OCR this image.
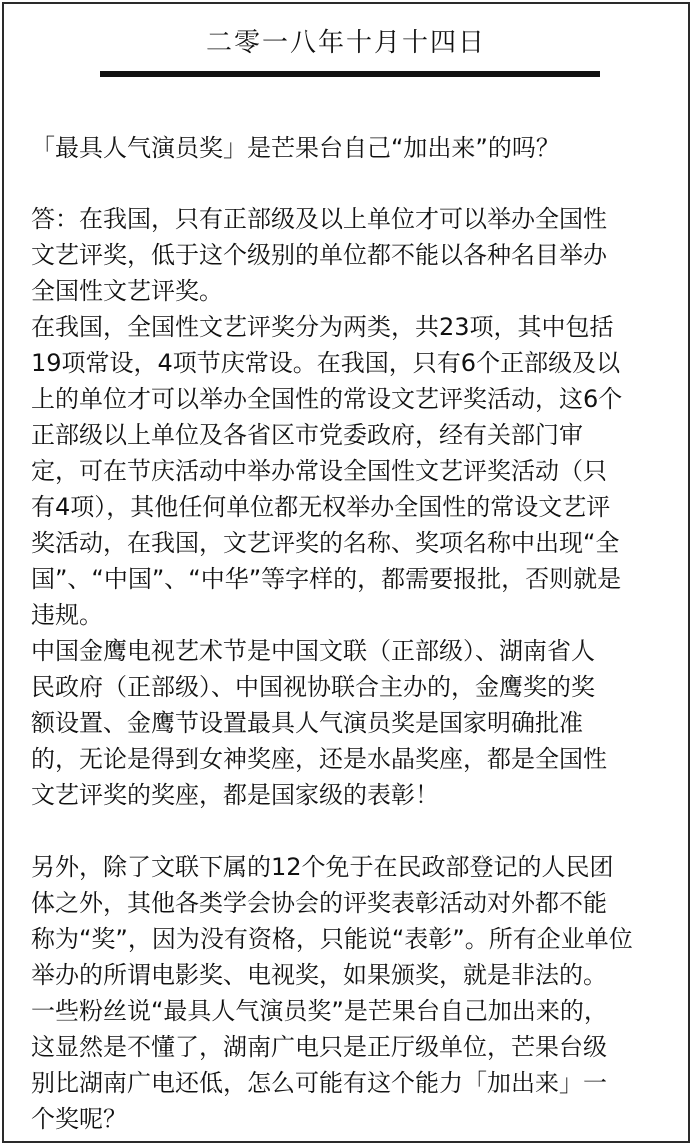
二零一八年十月十四日

「最具人气演员奖」是芒果台自己“加出来”的吗？

答：在我国，只有正部级及以上单位才可以举办全国性
文艺评奖，低于这个级别的单位都不能以各种名目举办
全国性文艺评奖。
在我国，全国性文艺评奖分为两类，共23项，其中包括
19项常设，4项节庆常设。在我国，只有6个正部级及以
上的单位才可以举办全国性的常设文艺评奖活动，这6个
正部级以上单位及各省区市党委政府，经有关部门审
定，可在节庆活动中举办常设全国性文艺评奖活动（只
有4项），其他任何单位都无权举办全国性的常设文艺评
奖活动，在我国，文艺评奖的名称、奖项名称中出现“全
国”、“中国”、“中华”等字样的，都需要报批，否则就是
违规。
中国金鹰电视艺术节是中国文联（正部级）、湖南省人
民政府（正部级）、中国视协联合主办的，金鹰奖的奖
额设置、金鹰节设置最具人气演员奖是国家明确批准
的，无论是得到女神奖座，还是水晶奖座，都是全国性
文艺评奖的奖座，都是国家级的表彰！

另外，除了文联下属的12个免于在民政部登记的人民团
体之外，其他各类学会协会的评奖表彰活动对外都不能
称为“奖”，因为没有资格，只能说“表彰”。所有企业单位
举办的所谓电影奖、电视奖，如果颁奖，就是非法的。
一些粉丝说“最具人气演员奖”是芒果台自己加出来的，
这显然是不懂了，湖南广电只是正厅级单位，芒果台级
别比湖南广电还低，怎么可能有这个能力「加出来」一
个奖呢？
